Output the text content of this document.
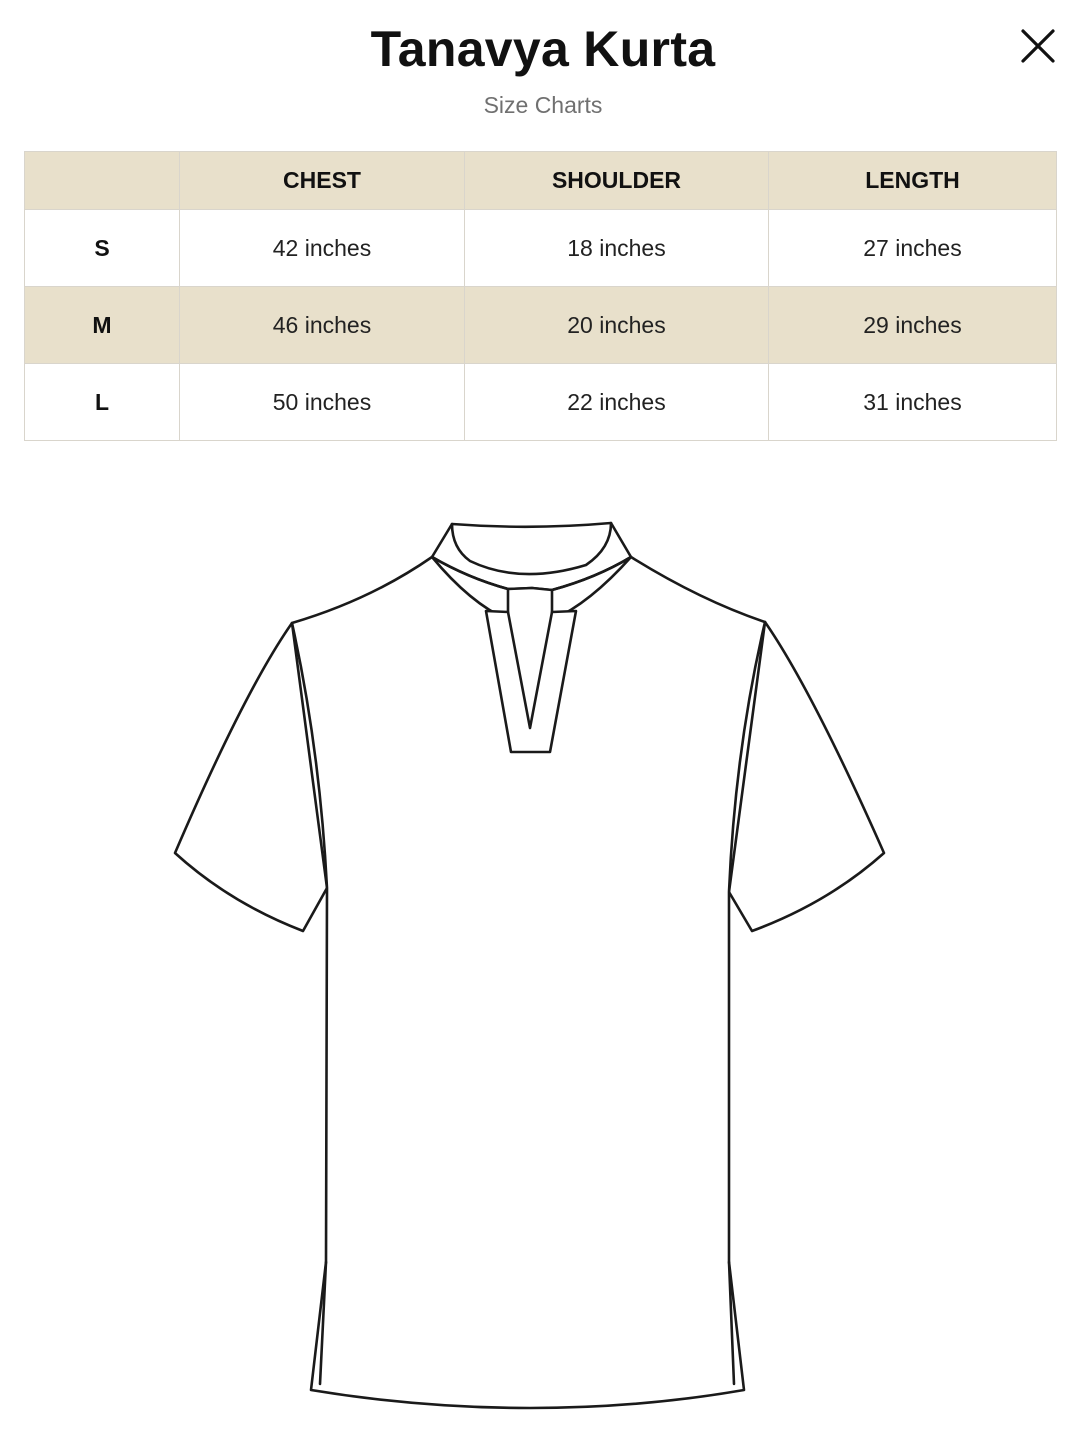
Tanavya Kurta

Size Charts

	CHEST	SHOULDER	LENGTH
S	42 inches	18 inches	27 inches
M	46 inches	20 inches	29 inches
L	50 inches	22 inches	31 inches
